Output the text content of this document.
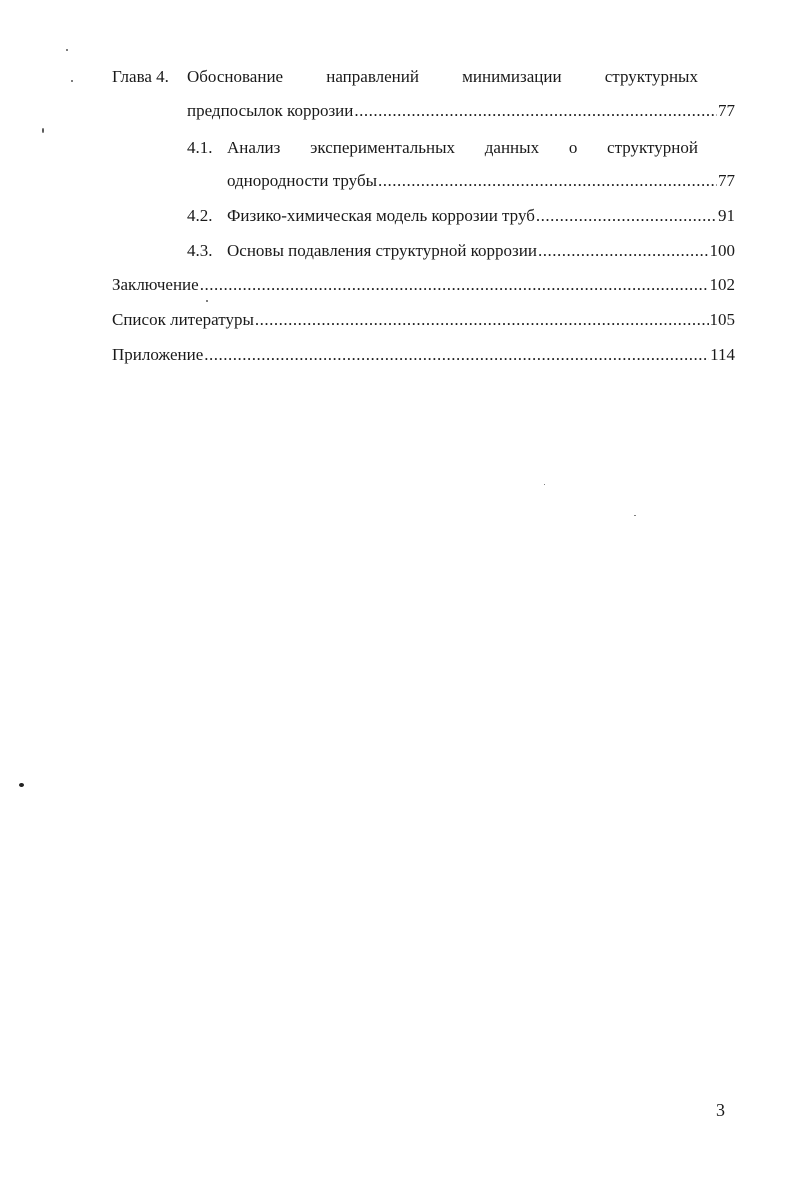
Глава 4. Обоснование	направлений	минимизации	структурных
предпосылок коррозии .....	77
4.1. Анализ экспериментальных данных о структурной
однородности трубы .....	77
4.2. Физико-химическая модель коррозии труб .....	91
4.3. Основы подавления структурной коррозии .....	100
Заключение .....	102
Список литературы .....	105
Приложение .....	114
3
